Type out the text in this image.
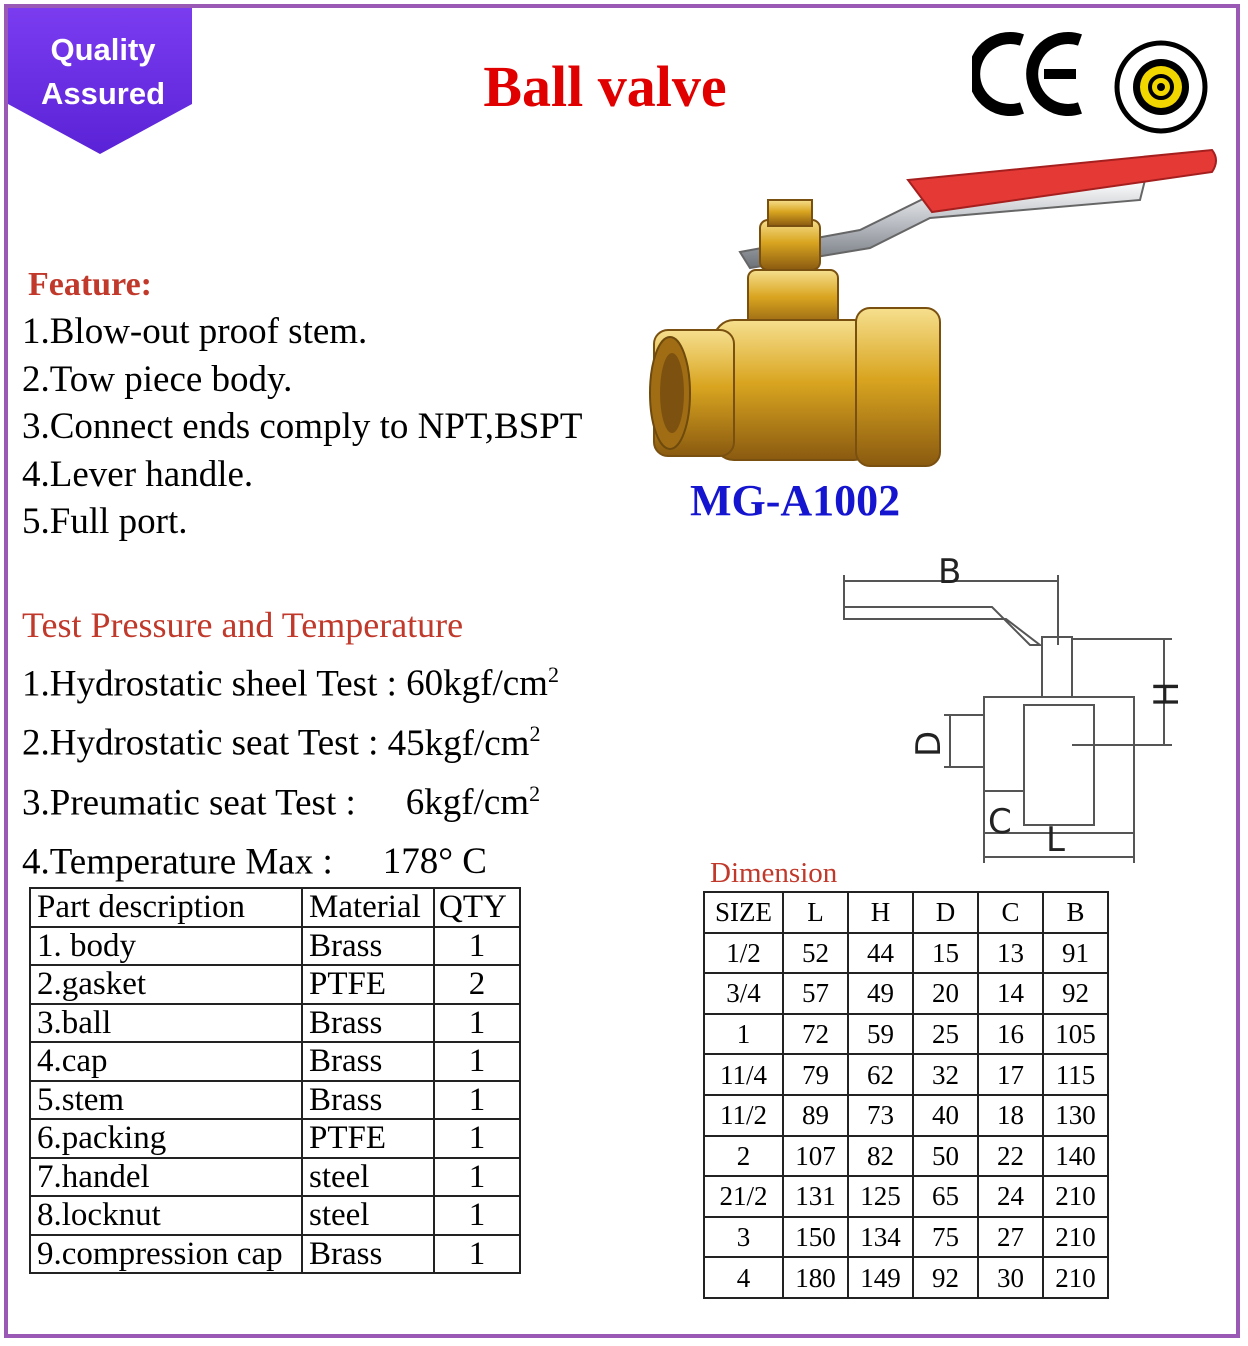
Quality
Assured	Ball valve
Feature:
1.Blow-out proof stem.
2.Tow piece body.
3.Connect ends comply to NPT,BSPT
4.Lever handle.
5.Full port.
Test Pressure and Temperature
1.Hydrostatic sheel Test : $60kgf/cm^2$
2.Hydrostatic seat Test : $45kgf/cm^2$
3.Preumatic seat Test : $6kgf/cm^2$
4.Temperature Max : 178° C
MG-A1002
B
H
D
C L
Part description	Material	QTY
1. body	Brass	1
2.gasket	PTFE	2
3.ball	Brass	1
4.cap	Brass	1
5.stem	Brass	1
6.packing	PTFE	1
7.handel	steel	1
8.locknut	steel	1
9.compression cap	Brass	1
Dimension
SIZE	L	H	D	C	B
1/2	52	44	15	13	91
3/4	57	49	20	14	92
1	72	59	25	16	105
11/4	79	62	32	17	115
11/2	89	73	40	18	130
2	107	82	50	22	140
21/2	131	125	65	24	210
3	150	134	75	27	210
4	180	149	92	30	210
